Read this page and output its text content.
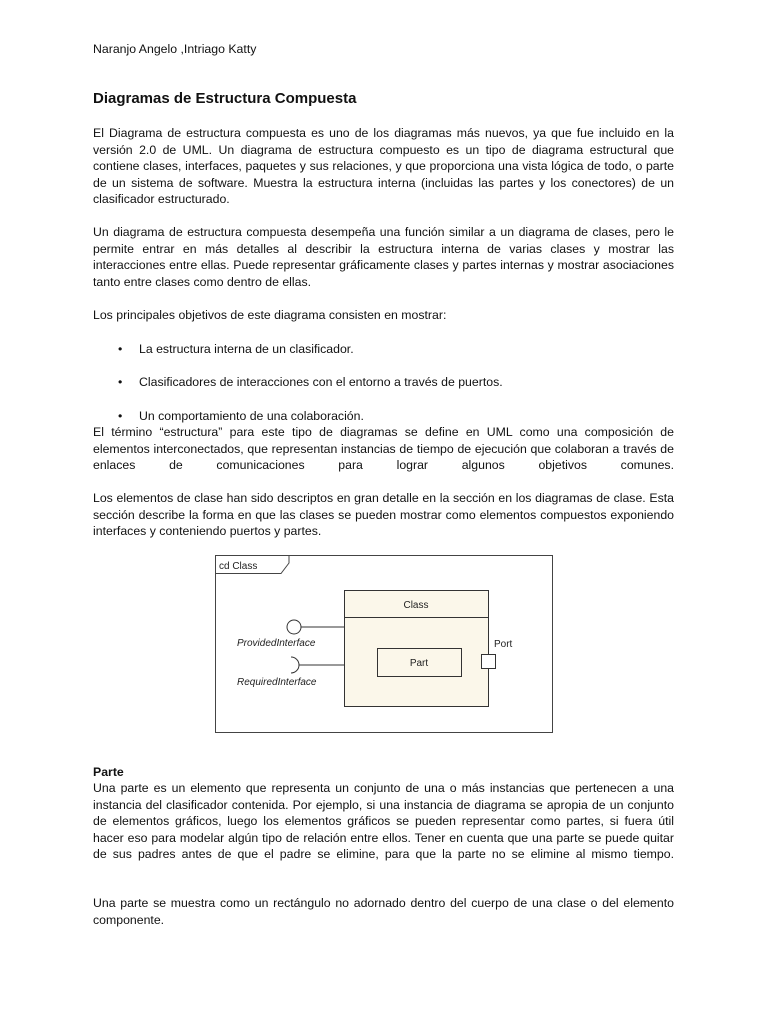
Naranjo Angelo ,Intriago Katty

Diagramas de Estructura Compuesta

El Diagrama de estructura compuesta es uno de los diagramas más nuevos, ya que fue incluido en la versión 2.0 de UML. Un diagrama de estructura compuesto es un tipo de diagrama estructural que contiene clases, interfaces, paquetes y sus relaciones, y que proporciona una vista lógica de todo, o parte de un sistema de software. Muestra la estructura interna (incluidas las partes y los conectores) de un clasificador estructurado.

Un diagrama de estructura compuesta desempeña una función similar a un diagrama de clases, pero le permite entrar en más detalles al describir la estructura interna de varias clases y mostrar las interacciones entre ellas. Puede representar gráficamente clases y partes internas y mostrar asociaciones tanto entre clases como dentro de ellas.

Los principales objetivos de este diagrama consisten en mostrar:

• La estructura interna de un clasificador.

• Clasificadores de interacciones con el entorno a través de puertos.

• Un comportamiento de una colaboración.

El término “estructura” para este tipo de diagramas se define en UML como una composición de elementos interconectados, que representan instancias de tiempo de ejecución que colaboran a través de enlaces de comunicaciones para lograr algunos objetivos comunes.

Los elementos de clase han sido descriptos en gran detalle en la sección en los diagramas de clase. Esta sección describe la forma en que las clases se pueden mostrar como elementos compuestos exponiendo interfaces y conteniendo puertos y partes.

cd Class
Class
Part
Port
ProvidedInterface
RequiredInterface

Parte

Una parte es un elemento que representa un conjunto de una o más instancias que pertenecen a una instancia del clasificador contenida. Por ejemplo, si una instancia de diagrama se apropia de un conjunto de elementos gráficos, luego los elementos gráficos se pueden representar como partes, si fuera útil hacer eso para modelar algún tipo de relación entre ellos. Tener en cuenta que una parte se puede quitar de sus padres antes de que el padre se elimine, para que la parte no se elimine al mismo tiempo.

Una parte se muestra como un rectángulo no adornado dentro del cuerpo de una clase o del elemento componente.
